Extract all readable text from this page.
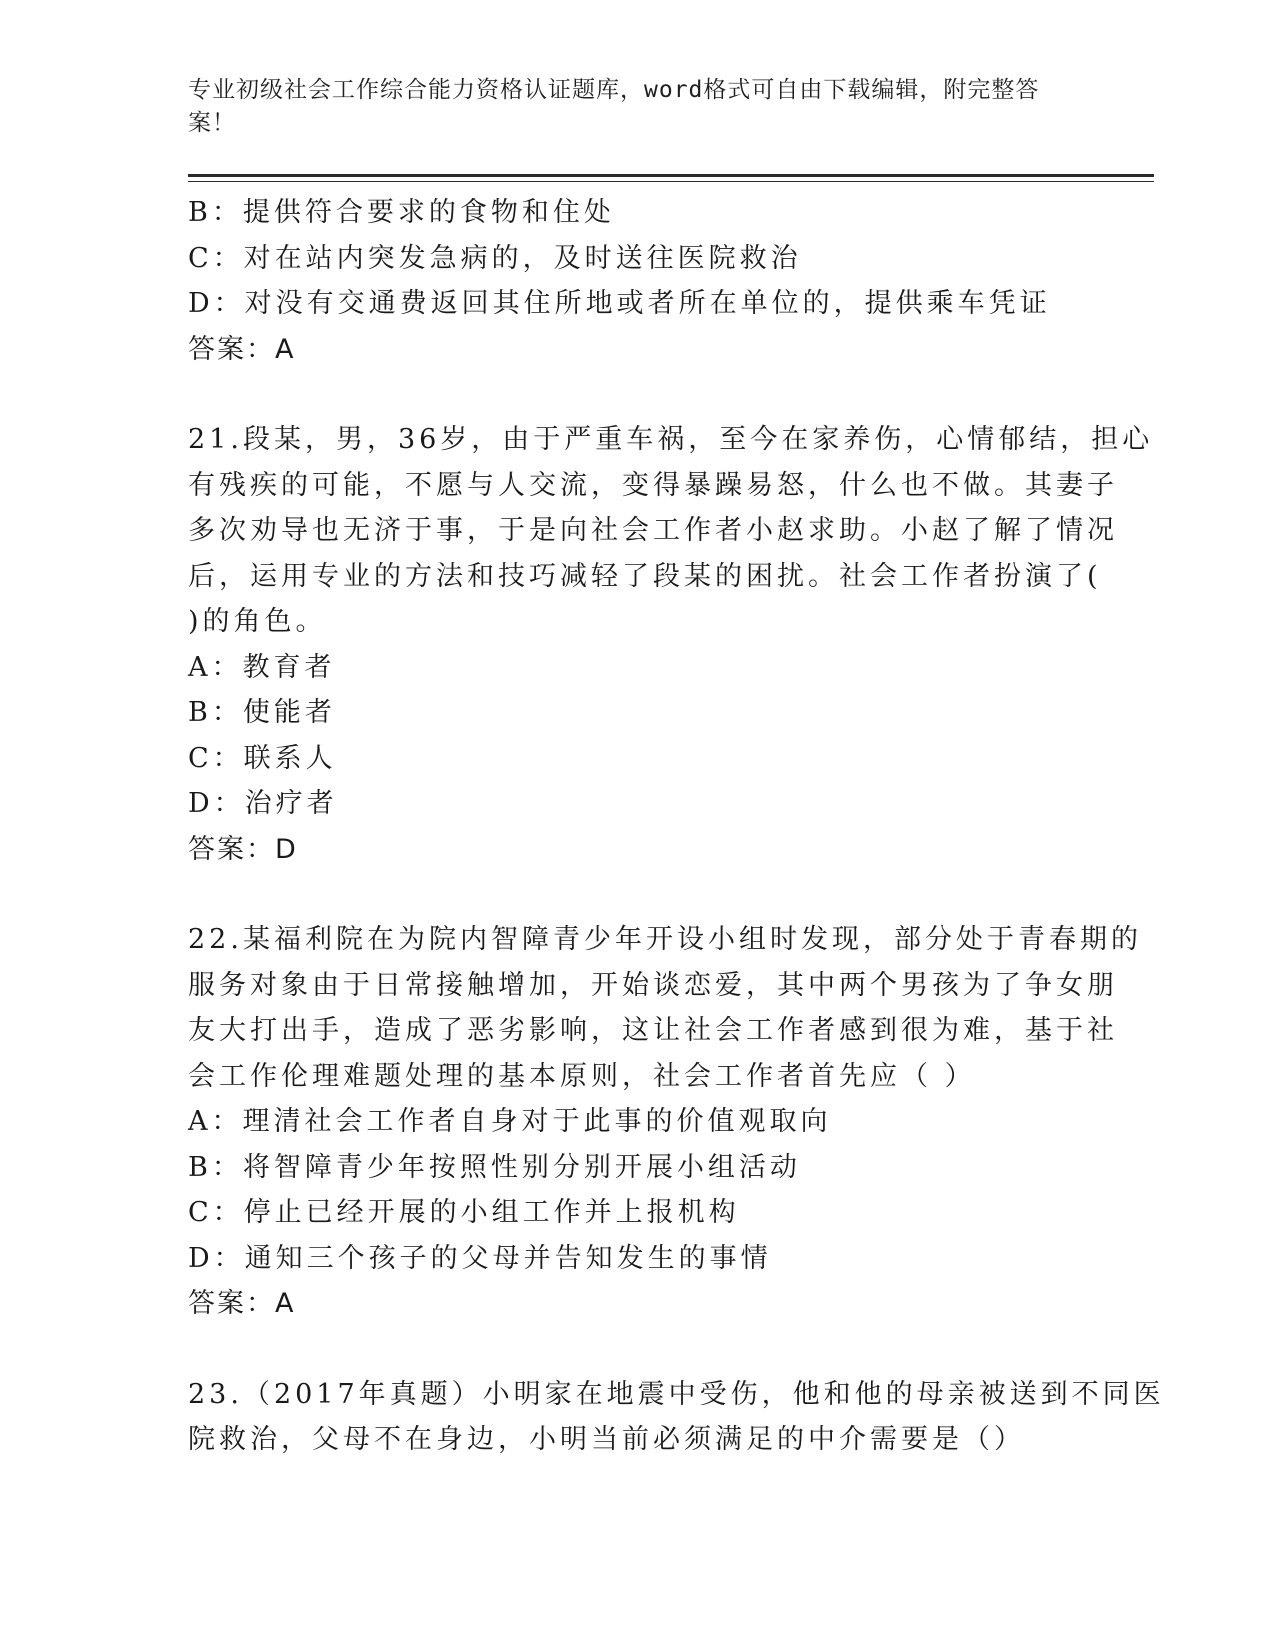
专业初级社会工作综合能力资格认证题库，word格式可自由下载编辑，附完整答案！
B：提供符合要求的食物和住处
C：对在站内突发急病的，及时送往医院救治
D：对没有交通费返回其住所地或者所在单位的，提供乘车凭证
答案：A
21.段某，男，36岁，由于严重车祸，至今在家养伤，心情郁结，担心
有残疾的可能，不愿与人交流，变得暴躁易怒，什么也不做。其妻子
多次劝导也无济于事，于是向社会工作者小赵求助。小赵了解了情况
后，运用专业的方法和技巧减轻了段某的困扰。社会工作者扮演了(
)的角色。
A：教育者
B：使能者
C：联系人
D：治疗者
答案：D
22.某福利院在为院内智障青少年开设小组时发现，部分处于青春期的
服务对象由于日常接触增加，开始谈恋爱，其中两个男孩为了争女朋
友大打出手，造成了恶劣影响，这让社会工作者感到很为难，基于社
会工作伦理难题处理的基本原则，社会工作者首先应（ ）
A：理清社会工作者自身对于此事的价值观取向
B：将智障青少年按照性别分别开展小组活动
C：停止已经开展的小组工作并上报机构
D：通知三个孩子的父母并告知发生的事情
答案：A
23.（2017年真题）小明家在地震中受伤，他和他的母亲被送到不同医
院救治，父母不在身边，小明当前必须满足的中介需要是（）
